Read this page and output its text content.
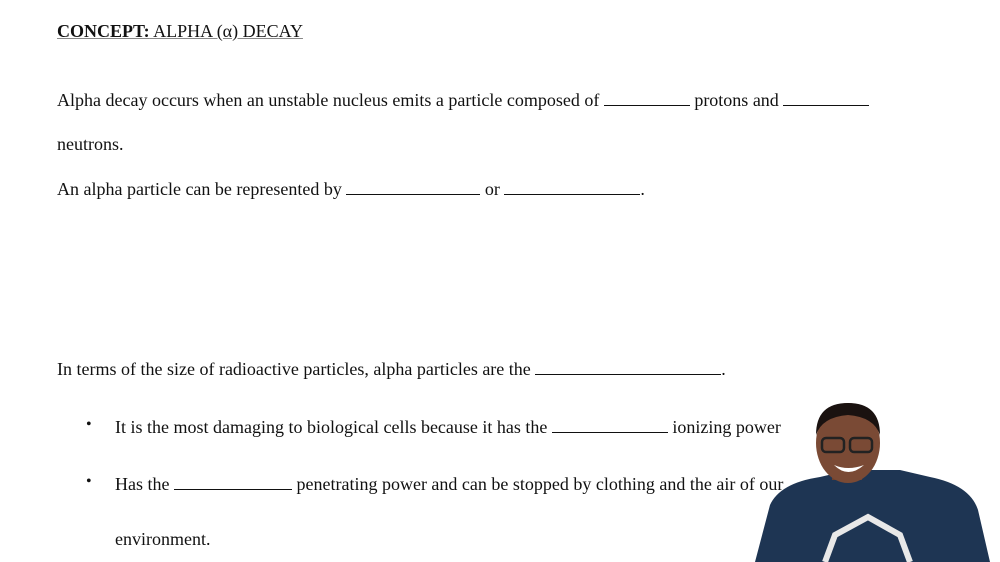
CONCEPT: ALPHA (α) DECAY
Alpha decay occurs when an unstable nucleus emits a particle composed of	protons and
neutrons.
An alpha particle can be represented by	or	.
In terms of the size of radioactive particles, alpha particles are the	.
• It is the most damaging to biological cells because it has the	ionizing power
• Has the	penetrating power and can be stopped by clothing and the air of our
environment.
